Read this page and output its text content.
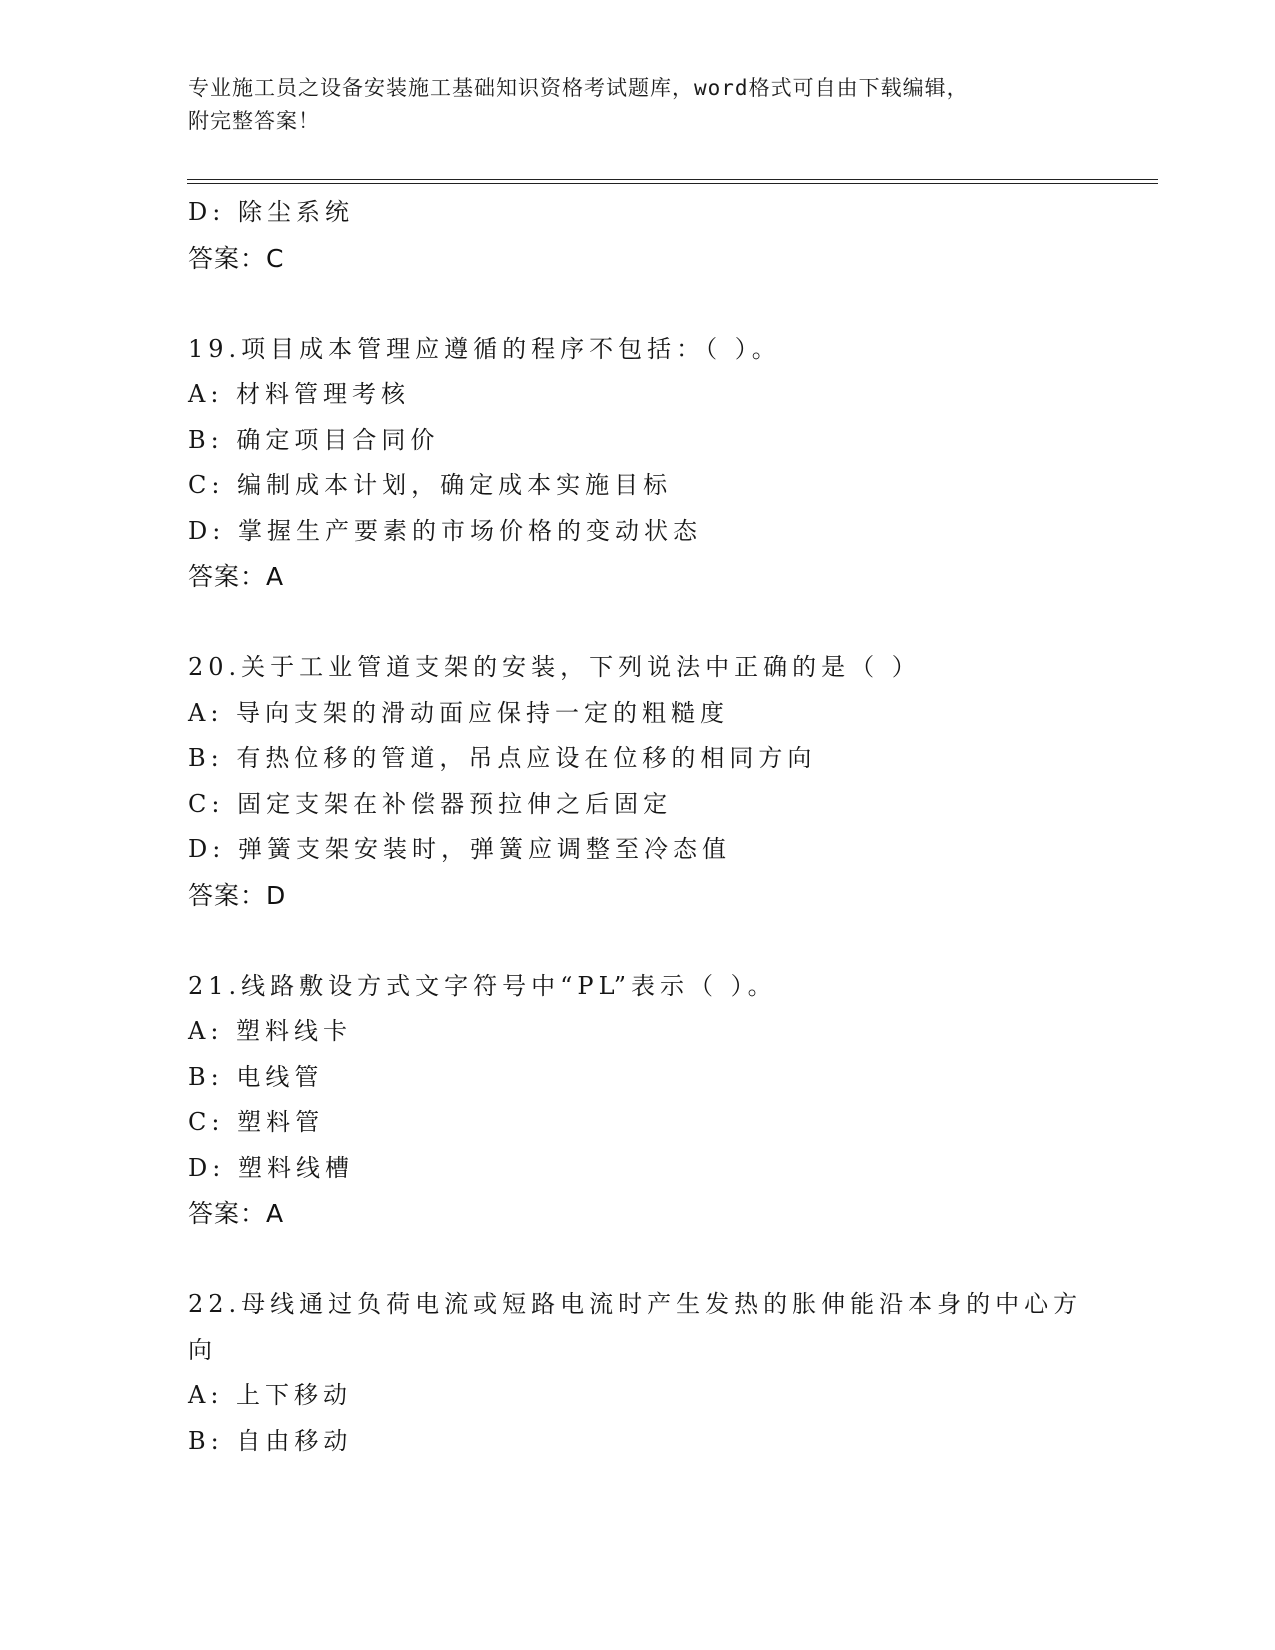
专业施工员之设备安装施工基础知识资格考试题库，word格式可自由下载编辑，
附完整答案！
D: 除尘系统
答案：C
19.项目成本管理应遵循的程序不包括：（ ）。
A: 材料管理考核
B: 确定项目合同价
C: 编制成本计划，确定成本实施目标
D: 掌握生产要素的市场价格的变动状态
答案：A
20.关于工业管道支架的安装，下列说法中正确的是（ ）
A: 导向支架的滑动面应保持一定的粗糙度
B: 有热位移的管道，吊点应设在位移的相同方向
C: 固定支架在补偿器预拉伸之后固定
D: 弹簧支架安装时，弹簧应调整至冷态值
答案：D
21.线路敷设方式文字符号中“PL”表示（ ）。
A: 塑料线卡
B: 电线管
C: 塑料管
D: 塑料线槽
答案：A
22.母线通过负荷电流或短路电流时产生发热的胀伸能沿本身的中心方
向
A: 上下移动
B: 自由移动
